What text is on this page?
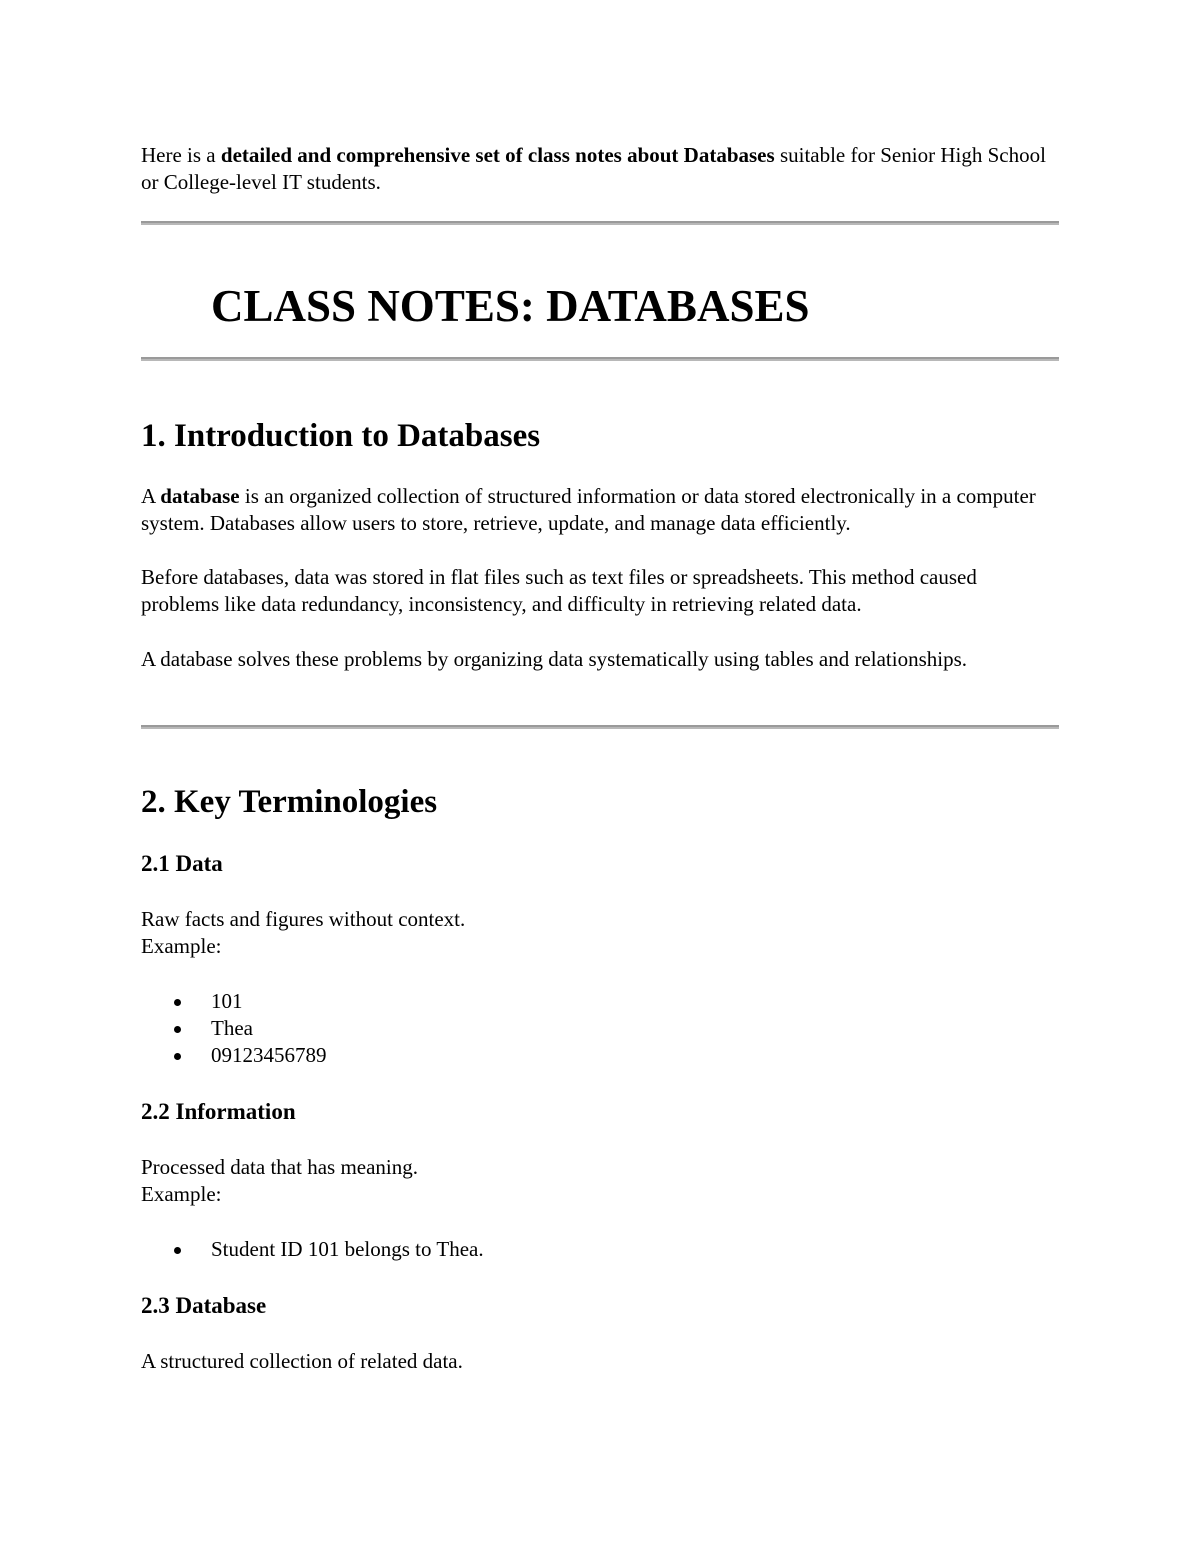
Here is a detailed and comprehensive set of class notes about Databases suitable for Senior High School or College-level IT students.

CLASS NOTES: DATABASES
1. Introduction to Databases

A database is an organized collection of structured information or data stored electronically in a computer system. Databases allow users to store, retrieve, update, and manage data efficiently.

Before databases, data was stored in flat files such as text files or spreadsheets. This method caused problems like data redundancy, inconsistency, and difficulty in retrieving related data.

A database solves these problems by organizing data systematically using tables and relationships.

2. Key Terminologies
2.1 Data
Raw facts and figures without context.
Example:
101
Thea
09123456789
2.2 Information
Processed data that has meaning.
Example:
Student ID 101 belongs to Thea.
2.3 Database

A structured collection of related data.
